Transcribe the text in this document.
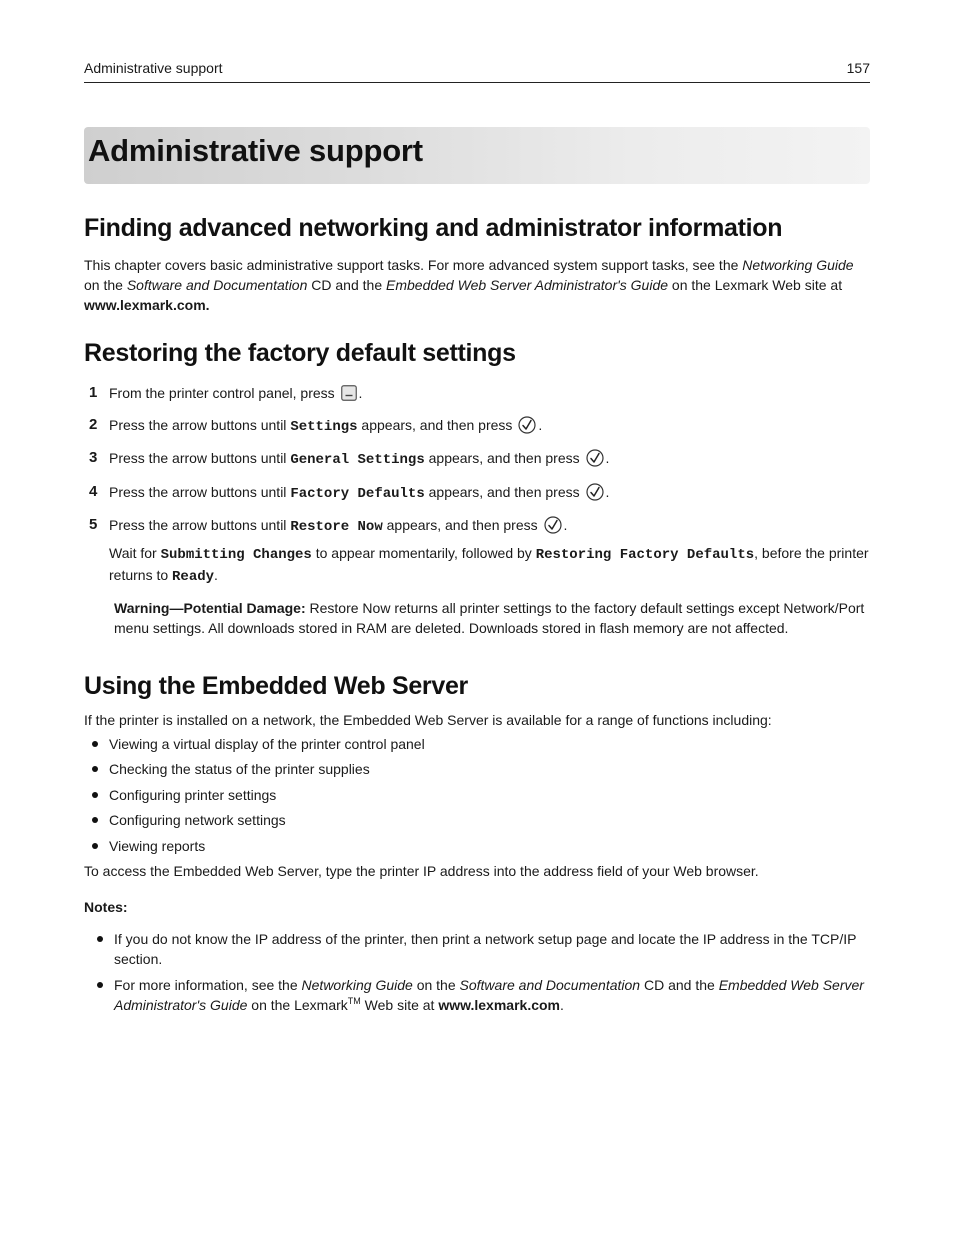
Administrative support	157
Administrative support
Finding advanced networking and administrator information

This chapter covers basic administrative support tasks. For more advanced system support tasks, see the Networking Guide on the Software and Documentation CD and the Embedded Web Server Administrator's Guide on the Lexmark Web site at www.lexmark.com.

Restoring the factory default settings
1 From the printer control panel, press .
2 Press the arrow buttons until Settings appears, and then press .
3 Press the arrow buttons until General Settings appears, and then press .
4 Press the arrow buttons until Factory Defaults appears, and then press .
5 Press the arrow buttons until Restore Now appears, and then press .

Wait for Submitting Changes to appear momentarily, followed by Restoring Factory Defaults, before the printer returns to Ready.

Warning—Potential Damage: Restore Now returns all printer settings to the factory default settings except Network/Port menu settings. All downloads stored in RAM are deleted. Downloads stored in flash memory are not affected.

Using the Embedded Web Server

If the printer is installed on a network, the Embedded Web Server is available for a range of functions including:

Viewing a virtual display of the printer control panel
Checking the status of the printer supplies
Configuring printer settings
Configuring network settings
Viewing reports

To access the Embedded Web Server, type the printer IP address into the address field of your Web browser.

Notes:

If you do not know the IP address of the printer, then print a network setup page and locate the IP address in the TCP/IP section.
For more information, see the Networking Guide on the Software and Documentation CD and the Embedded Web Server Administrator's Guide on the Lexmark™ Web site at www.lexmark.com.
